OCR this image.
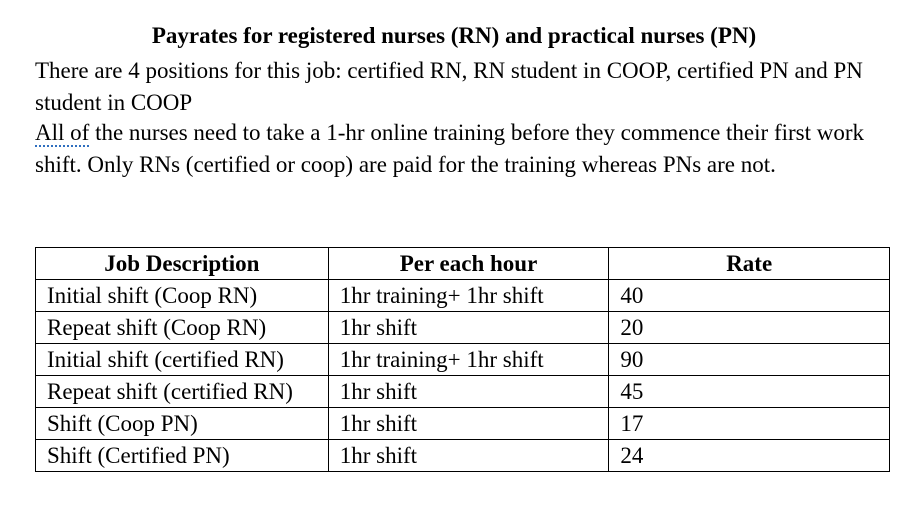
Payrates for registered nurses (RN) and practical nurses (PN)
There are 4 positions for this job: certified RN, RN student in COOP, certified PN and PN student in COOP
All of the nurses need to take a 1-hr online training before they commence their first work shift. Only RNs (certified or coop) are paid for the training whereas PNs are not.
Job Description	Per each hour	Rate
Initial shift (Coop RN)	1hr training+ 1hr shift	40
Repeat shift (Coop RN)	1hr shift	20
Initial shift (certified RN)	1hr training+ 1hr shift	90
Repeat shift (certified RN)	1hr shift	45
Shift (Coop PN)	1hr shift	17
Shift (Certified PN)	1hr shift	24
